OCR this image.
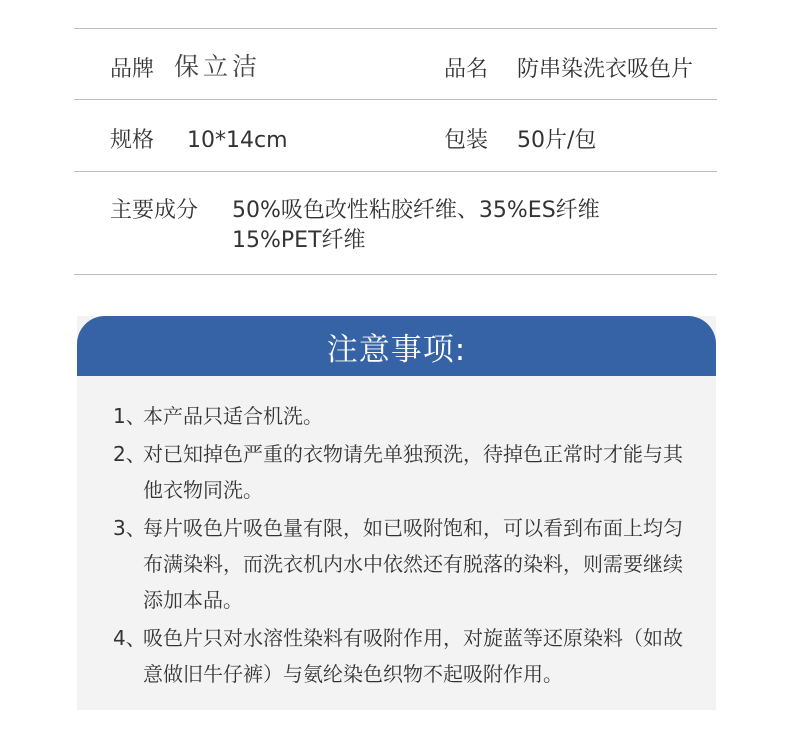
品牌 保立洁	品名 防串染洗衣吸色片
规格 10*14cm	包装 50片/包
主要成分 50%吸色改性粘胶纤维、35%ES纤维
15%PET纤维
注意事项:
1、
本产品只适合机洗。
2、
对已知掉色严重的衣物请先单独预洗，待掉色正常时才能与其他衣物同洗。
3、
每片吸色片吸色量有限，如已吸附饱和，可以看到布面上均匀布满染料，而洗衣机内水中依然还有脱落的染料，则需要继续添加本品。
4、
吸色片只对水溶性染料有吸附作用，对旋蓝等还原染料（如故意做旧牛仔裤）与氨纶染色织物不起吸附作用。
